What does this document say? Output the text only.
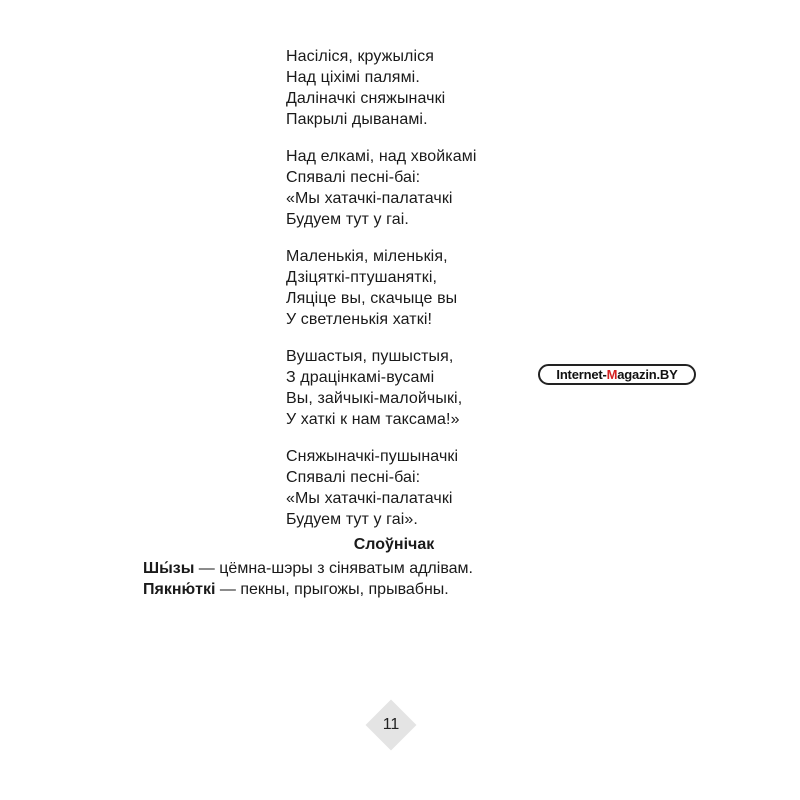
Насіліся, кружыліся
Над ціхімі палямі.
Далiначкі сняжыначкі
Пакрылі дыванамі.
Над елкамі, над хвойкамі
Спявалі песні-баі:
«Мы хатачкі-палатачкі
Будуем тут у гаі.
Маленькія, міленькія,
Дзіцяткі-птушаняткі,
Ляціце вы, скачыце вы
У светленькія хаткі!
Вушастыя, пушыстыя,
З драцінкамі-вусамі
Вы, зайчыкі-малойчыкі,
У хаткі к нам таксама!»
Сняжыначкі-пушыначкі
Спявалі песні-баі:
«Мы хатачкі-палатачкі
Будуем тут у гаі».
Internet-Magazin.BY
Слоўнічак
Шы́зы — цёмна-шэры з сіняватым адлівам.
Пякню́ткі — пекны, прыгожы, прывабны.
11
